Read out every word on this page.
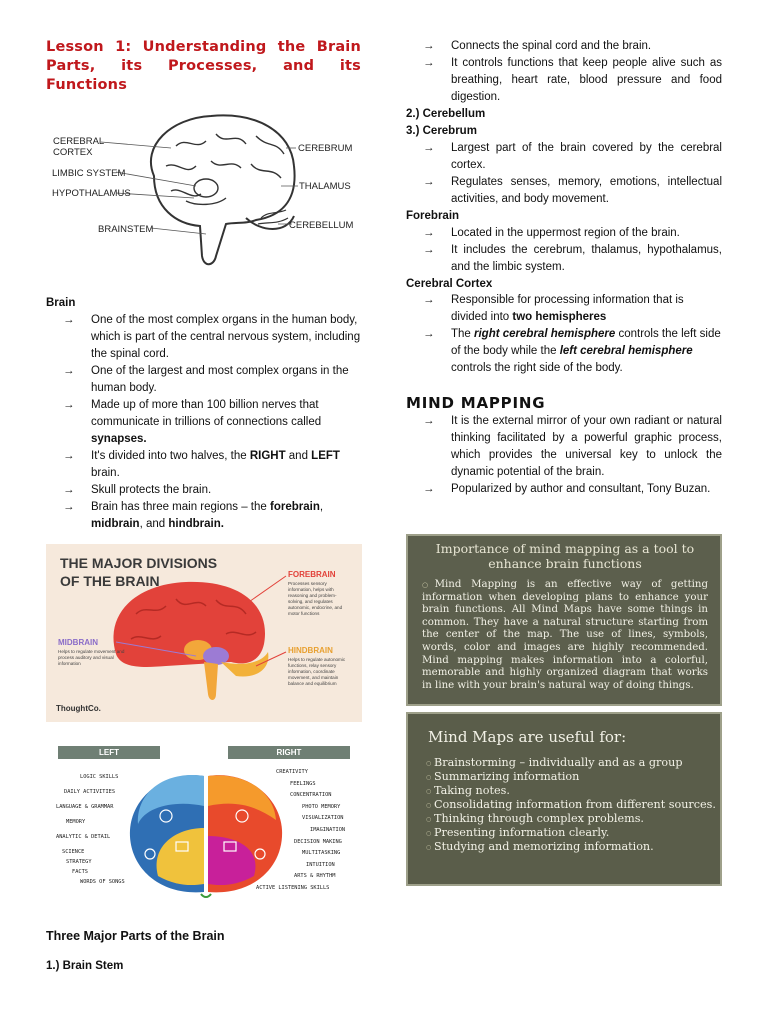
Lesson 1: Understanding the Brain Parts, its Processes, and its Functions
CEREBRAL CORTEX
LIMBIC SYSTEM
HYPOTHALAMUS
BRAINSTEM
CEREBRUM
THALAMUS
CEREBELLUM
Brain
→ One of the most complex organs in the human body, which is part of the central nervous system, including the spinal cord.
→ One of the largest and most complex organs in the human body.
→ Made up of more than 100 billion nerves that communicate in trillions of connections called synapses.
→ It's divided into two halves, the RIGHT and LEFT brain.
→ Skull protects the brain.
→ Brain has three main regions – the forebrain, midbrain, and hindbrain.
THE MAJOR DIVISIONS OF THE BRAIN	FOREBRAIN
Processes sensory information, helps with reasoning and problem-solving, and regulates autonomic, endocrine, and motor functions
HINDBRAIN
Helps to regulate autonomic functions, relay sensory information, coordinate movement, and maintain balance and equilibrium
MIDBRAIN
Helps to regulate movement and process auditory and visual information
ThoughtCo.
LEFT	RIGHT
LOGIC SKILLS
DAILY ACTIVITIES
LANGUAGE & GRAMMAR
MEMORY
ANALYTIC & DETAIL
SCIENCE
STRATEGY
FACTS
WORDS OF SONGS
CREATIVITY
FEELINGS
CONCENTRATION
PHOTO MEMORY
VISUALIZATION
IMAGINATION
DECISION MAKING
MULTITASKING
INTUITION
ARTS & RHYTHM
ACTIVE LISTENING SKILLS
Three Major Parts of the Brain
1.) Brain Stem
→ Connects the spinal cord and the brain.
→ It controls functions that keep people alive such as breathing, heart rate, blood pressure and food digestion.
2.) Cerebellum
3.) Cerebrum
→ Largest part of the brain covered by the cerebral cortex.
→ Regulates senses, memory, emotions, intellectual activities, and body movement.
Forebrain
→ Located in the uppermost region of the brain.
→ It includes the cerebrum, thalamus, hypothalamus, and the limbic system.
Cerebral Cortex
→ Responsible for processing information that is divided into two hemispheres
→ The right cerebral hemisphere controls the left side of the body while the left cerebral hemisphere controls the right side of the body.
MIND MAPPING
→ It is the external mirror of your own radiant or natural thinking facilitated by a powerful graphic process, which provides the universal key to unlock the dynamic potential of the brain.
→ Popularized by author and consultant, Tony Buzan.
Importance of mind mapping as a tool to enhance brain functions
○Mind Mapping is an effective way of getting information when developing plans to enhance your brain functions. All Mind Maps have some things in common. They have a natural structure starting from the center of the map. The use of lines, symbols, words, color and images are highly recommended. Mind mapping makes information into a colorful, memorable and highly organized diagram that works in line with your brain's natural way of doing things.
Mind Maps are useful for:
○ Brainstorming – individually and as a group
○ Summarizing information
○ Taking notes.
○ Consolidating information from different sources.
○ Thinking through complex problems.
○ Presenting information clearly.
○ Studying and memorizing information.
